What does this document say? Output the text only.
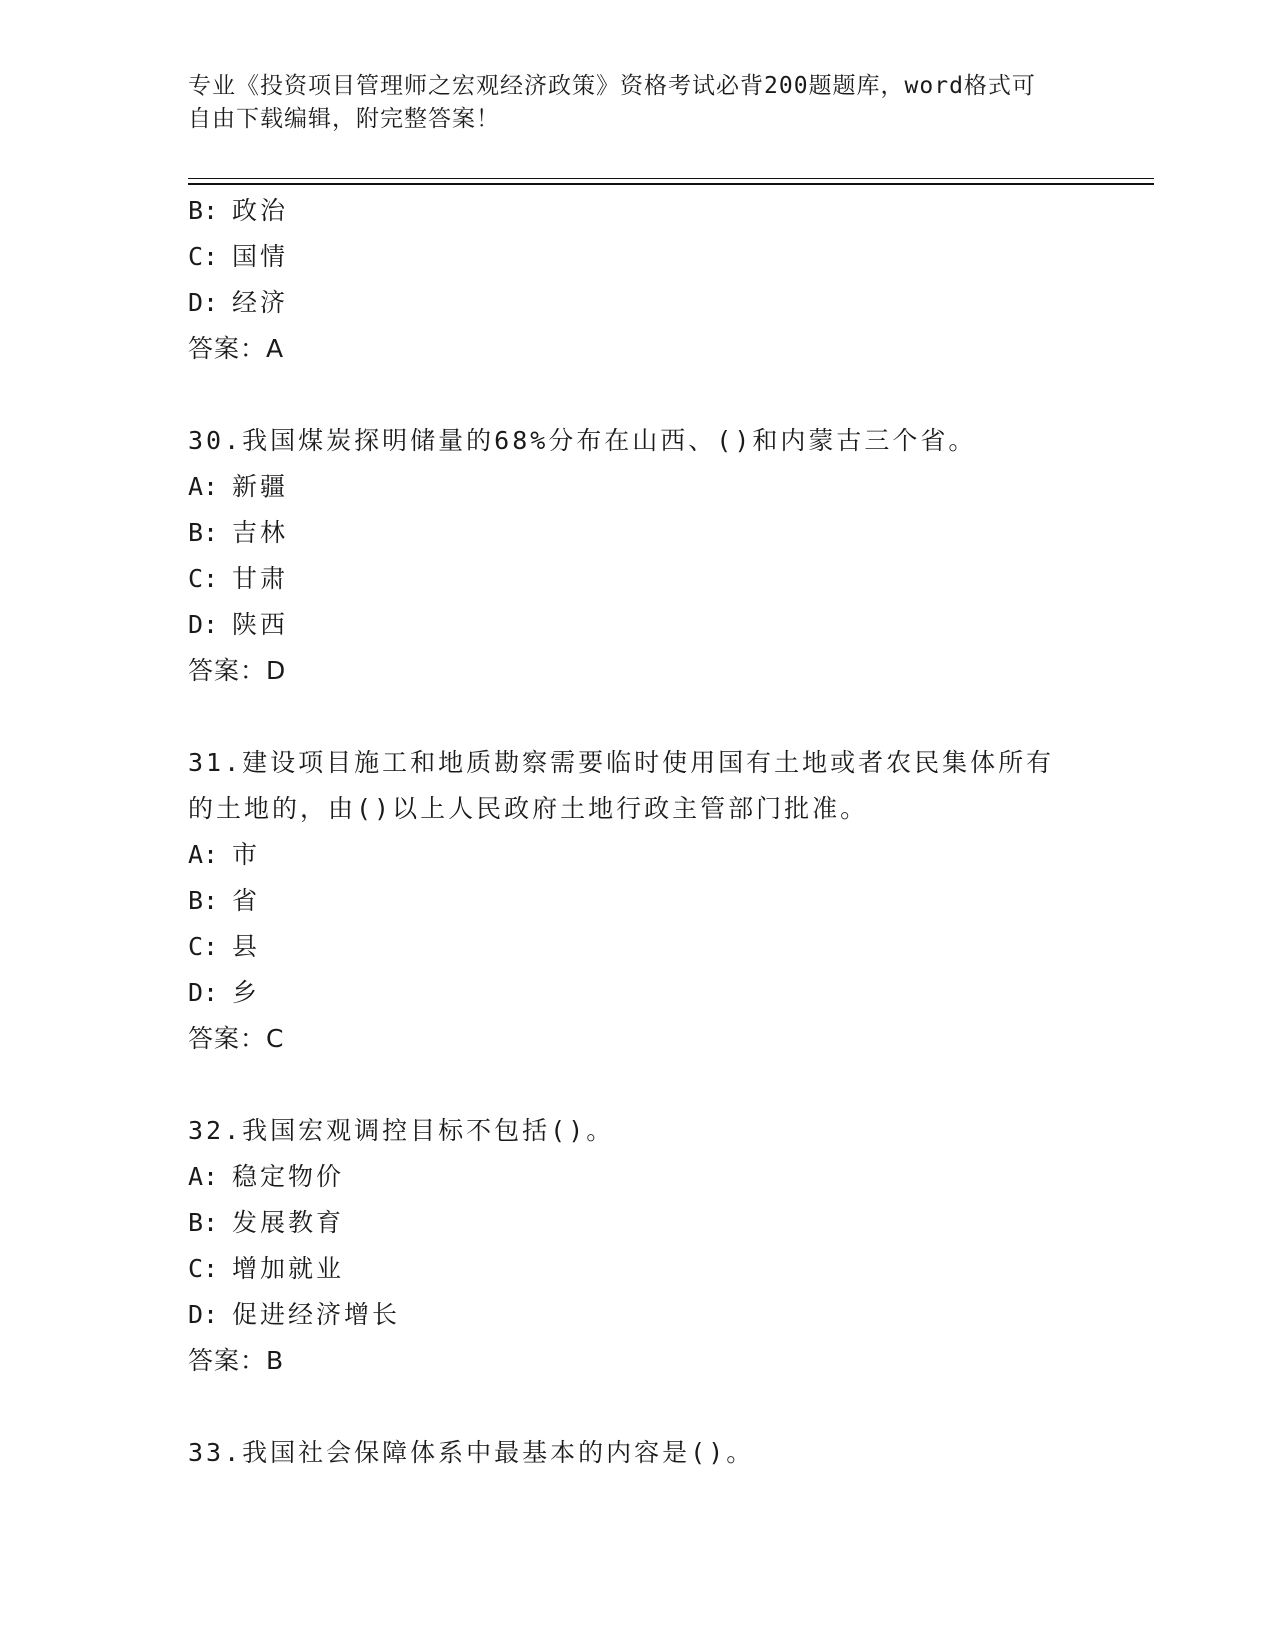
专业《投资项目管理师之宏观经济政策》资格考试必背200题题库，word格式可
自由下载编辑，附完整答案！
B: 政治
C: 国情
D: 经济
答案：A
30.我国煤炭探明储量的68%分布在山西、()和内蒙古三个省。
A: 新疆
B: 吉林
C: 甘肃
D: 陕西
答案：D
31.建设项目施工和地质勘察需要临时使用国有土地或者农民集体所有
的土地的，由()以上人民政府土地行政主管部门批准。
A: 市
B: 省
C: 县
D: 乡
答案：C
32.我国宏观调控目标不包括()。
A: 稳定物价
B: 发展教育
C: 增加就业
D: 促进经济增长
答案：B
33.我国社会保障体系中最基本的内容是()。
